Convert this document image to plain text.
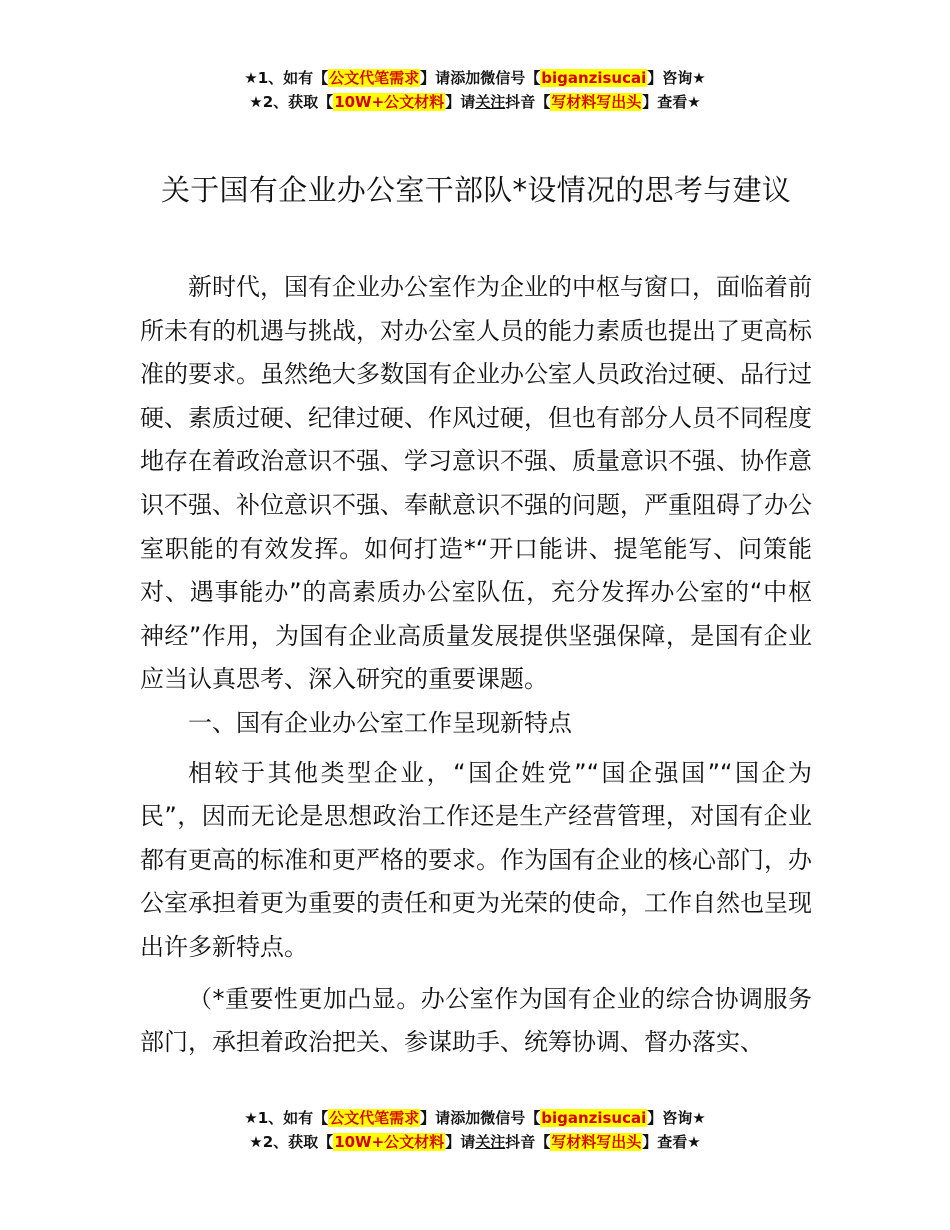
★1、如有【公文代笔需求】请添加微信号【biganzisucai】咨询★
★2、获取【10W+公文材料】请关注抖音【写材料写出头】查看★
关于国有企业办公室干部队*设情况的思考与建议

新时代，国有企业办公室作为企业的中枢与窗口，面临着前所未有的机遇与挑战，对办公室人员的能力素质也提出了更高标准的要求。虽然绝大多数国有企业办公室人员政治过硬、品行过硬、素质过硬、纪律过硬、作风过硬，但也有部分人员不同程度地存在着政治意识不强、学习意识不强、质量意识不强、协作意识不强、补位意识不强、奉献意识不强的问题，严重阻碍了办公室职能的有效发挥。如何打造*“开口能讲、提笔能写、问策能对、遇事能办”的高素质办公室队伍，充分发挥办公室的“中枢神经”作用，为国有企业高质量发展提供坚强保障，是国有企业应当认真思考、深入研究的重要课题。

一、国有企业办公室工作呈现新特点

相较于其他类型企业，“国企姓党”“国企强国”“国企为民”，因而无论是思想政治工作还是生产经营管理，对国有企业都有更高的标准和更严格的要求。作为国有企业的核心部门，办公室承担着更为重要的责任和更为光荣的使命，工作自然也呈现出许多新特点。

（*重要性更加凸显。办公室作为国有企业的综合协调服务部门，承担着政治把关、参谋助手、统筹协调、督办落实、

★1、如有【公文代笔需求】请添加微信号【biganzisucai】咨询★
★2、获取【10W+公文材料】请关注抖音【写材料写出头】查看★
